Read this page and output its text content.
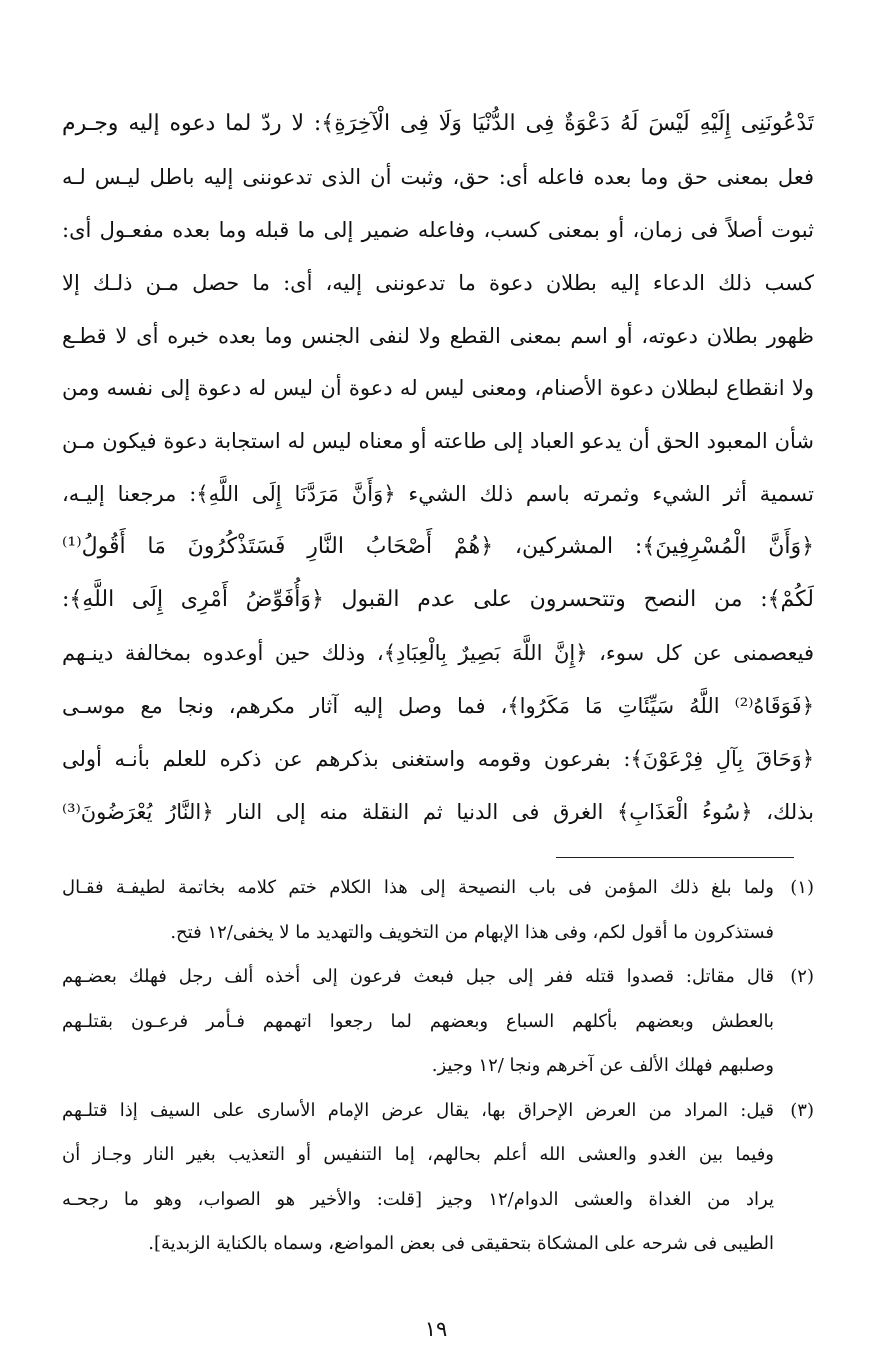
تَدْعُونَنِى إِلَيْهِ لَيْسَ لَهُ دَعْوَةٌ فِى الدُّنْيَا وَلَا فِى الْآخِرَةِ﴾: لا ردّ لما دعوه إليه وجـرم
فعل بمعنى حق وما بعده فاعله أى: حق، وثبت أن الذى تدعوننى إليه باطل ليـس لـه
ثبوت أصلاً فى زمان، أو بمعنى كسب، وفاعله ضمير إلى ما قبله وما بعده مفعـول أى:
كسب ذلك الدعاء إليه بطلان دعوة ما تدعوننى إليه، أى: ما حصل مـن ذلـك إلا
ظهور بطلان دعوته، أو اسم بمعنى القطع ولا لنفى الجنس وما بعده خبره أى لا قطـع
ولا انقطاع لبطلان دعوة الأصنام، ومعنى ليس له دعوة أن ليس له دعوة إلى نفسه ومن
شأن المعبود الحق أن يدعو العباد إلى طاعته أو معناه ليس له استجابة دعوة فيكون مـن
تسمية أثر الشيء وثمرته باسم ذلك الشيء ﴿وَأَنَّ مَرَدَّنَا إِلَى اللَّهِ﴾: مرجعنا إليـه،
﴿وَأَنَّ الْمُسْرِفِينَ﴾: المشركين، ﴿هُمْ أَصْحَابُ النَّارِ فَسَتَذْكُرُونَ مَا أَقُولُ⁽¹⁾
لَكُمْ﴾: من النصح وتتحسرون على عدم القبول ﴿وَأُفَوِّضُ أَمْرِى إِلَى اللَّهِ﴾:
فيعصمنى عن كل سوء، ﴿إِنَّ اللَّهَ بَصِيرٌ بِالْعِبَادِ﴾، وذلك حين أوعدوه بمخالفة دينـهم
﴿فَوَقَاهُ⁽²⁾ اللَّهُ سَيِّئَاتِ مَا مَكَرُوا﴾، فما وصل إليه آثار مكرهم، ونجا مع موسـى
﴿وَحَاقَ بِآلِ فِرْعَوْنَ﴾: بفرعون وقومه واستغنى بذكرهم عن ذكره للعلم بأنـه أولى
بذلك، ﴿سُوءُ الْعَذَابِ﴾ الغرق فى الدنيا ثم النقلة منه إلى النار ﴿النَّارُ يُعْرَضُونَ⁽³⁾
(١)
ولما بلغ ذلك المؤمن فى باب النصيحة إلى هذا الكلام ختم كلامه بخاتمة لطيفـة فقـال
فستذكرون ما أقول لكم، وفى هذا الإبهام من التخويف والتهديد ما لا يخفى/١٢ فتح.
(٢)
قال مقاتل: قصدوا قتله ففر إلى جبل فبعث فرعون إلى أخذه ألف رجل فهلك بعضـهم
بالعطش وبعضهم بأكلهم السباع وبعضهم لما رجعوا اتهمهم فـأمر فرعـون بقتلـهم
وصلبهم فهلك الألف عن آخرهم ونجا /١٢ وجيز.
(٣)
قيل: المراد من العرض الإحراق بها، يقال عرض الإمام الأسارى على السيف إذا قتلـهم
وفيما بين الغدو والعشى الله أعلم بحالهم، إما التنفيس أو التعذيب بغير النار وجـاز أن
يراد من الغداة والعشى الدوام/١٢ وجيز [قلت: والأخير هو الصواب، وهو ما رجحـه
الطيبى فى شرحه على المشكاة بتحقيقى فى بعض المواضع، وسماه بالكناية الزبدية].
١٩
